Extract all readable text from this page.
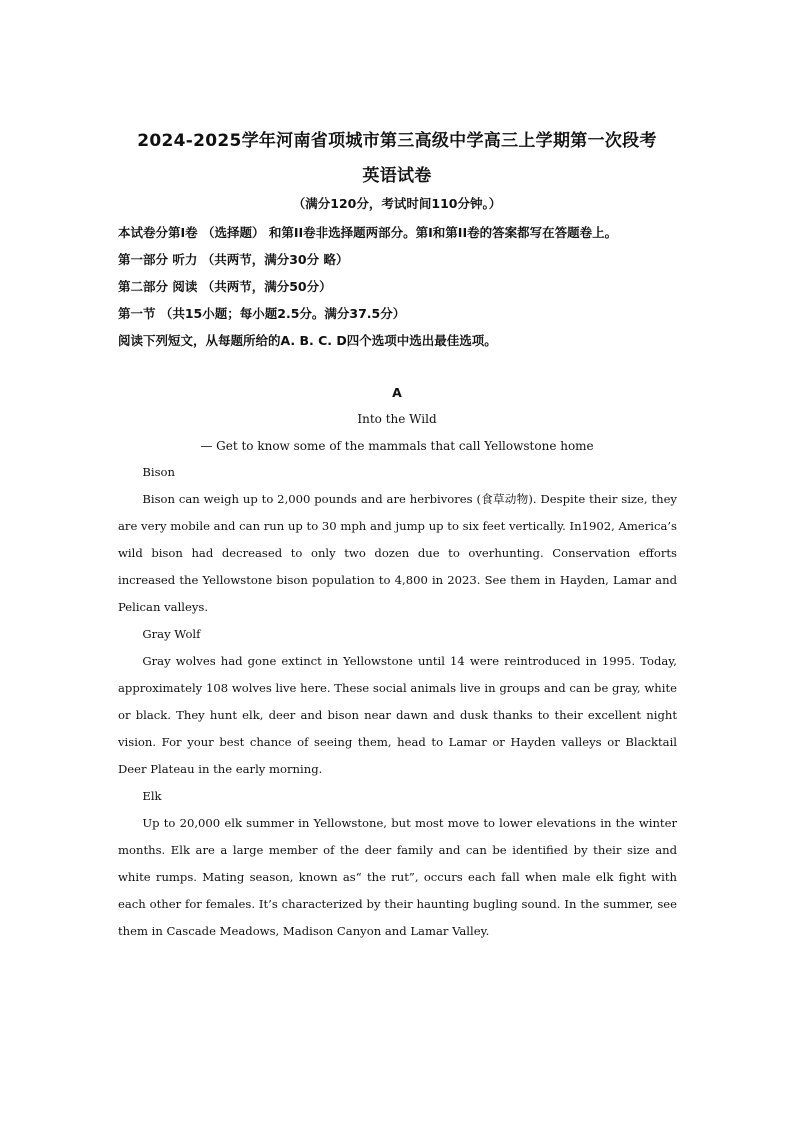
2024-2025学年河南省项城市第三高级中学高三上学期第一次段考
英语试卷
（满分120分，考试时间110分钟。）

本试卷分第Ⅰ卷 （选择题） 和第II卷非选择题两部分。第Ⅰ和第II卷的答案都写在答题卷上。

第一部分 听力 （共两节，满分30分 略）

第二部分 阅读 （共两节，满分50分）

第一节 （共15小题；每小题2.5分。满分37.5分）

阅读下列短文，从每题所给的A. B. C. D四个选项中选出最佳选项。

A
Into the Wild
— Get to know some of the mammals that call Yellowstone home

Bison

Bison can weigh up to 2,000 pounds and are herbivores (食草动物). Despite their size, they are very mobile and can run up to 30 mph and jump up to six feet vertically. In1902, America’s wild bison had decreased to only two dozen due to overhunting. Conservation efforts increased the Yellowstone bison population to 4,800 in 2023. See them in Hayden, Lamar and Pelican valleys.

Gray Wolf

Gray wolves had gone extinct in Yellowstone until 14 were reintroduced in 1995. Today, approximately 108 wolves live here. These social animals live in groups and can be gray, white or black. They hunt elk, deer and bison near dawn and dusk thanks to their excellent night vision. For your best chance of seeing them, head to Lamar or Hayden valleys or Blacktail Deer Plateau in the early morning.

Elk

Up to 20,000 elk summer in Yellowstone, but most move to lower elevations in the winter months. Elk are a large member of the deer family and can be identified by their size and white rumps. Mating season, known as“ the rut”, occurs each fall when male elk fight with each other for females. It’s characterized by their haunting bugling sound. In the summer, see them in Cascade Meadows, Madison Canyon and Lamar Valley.
